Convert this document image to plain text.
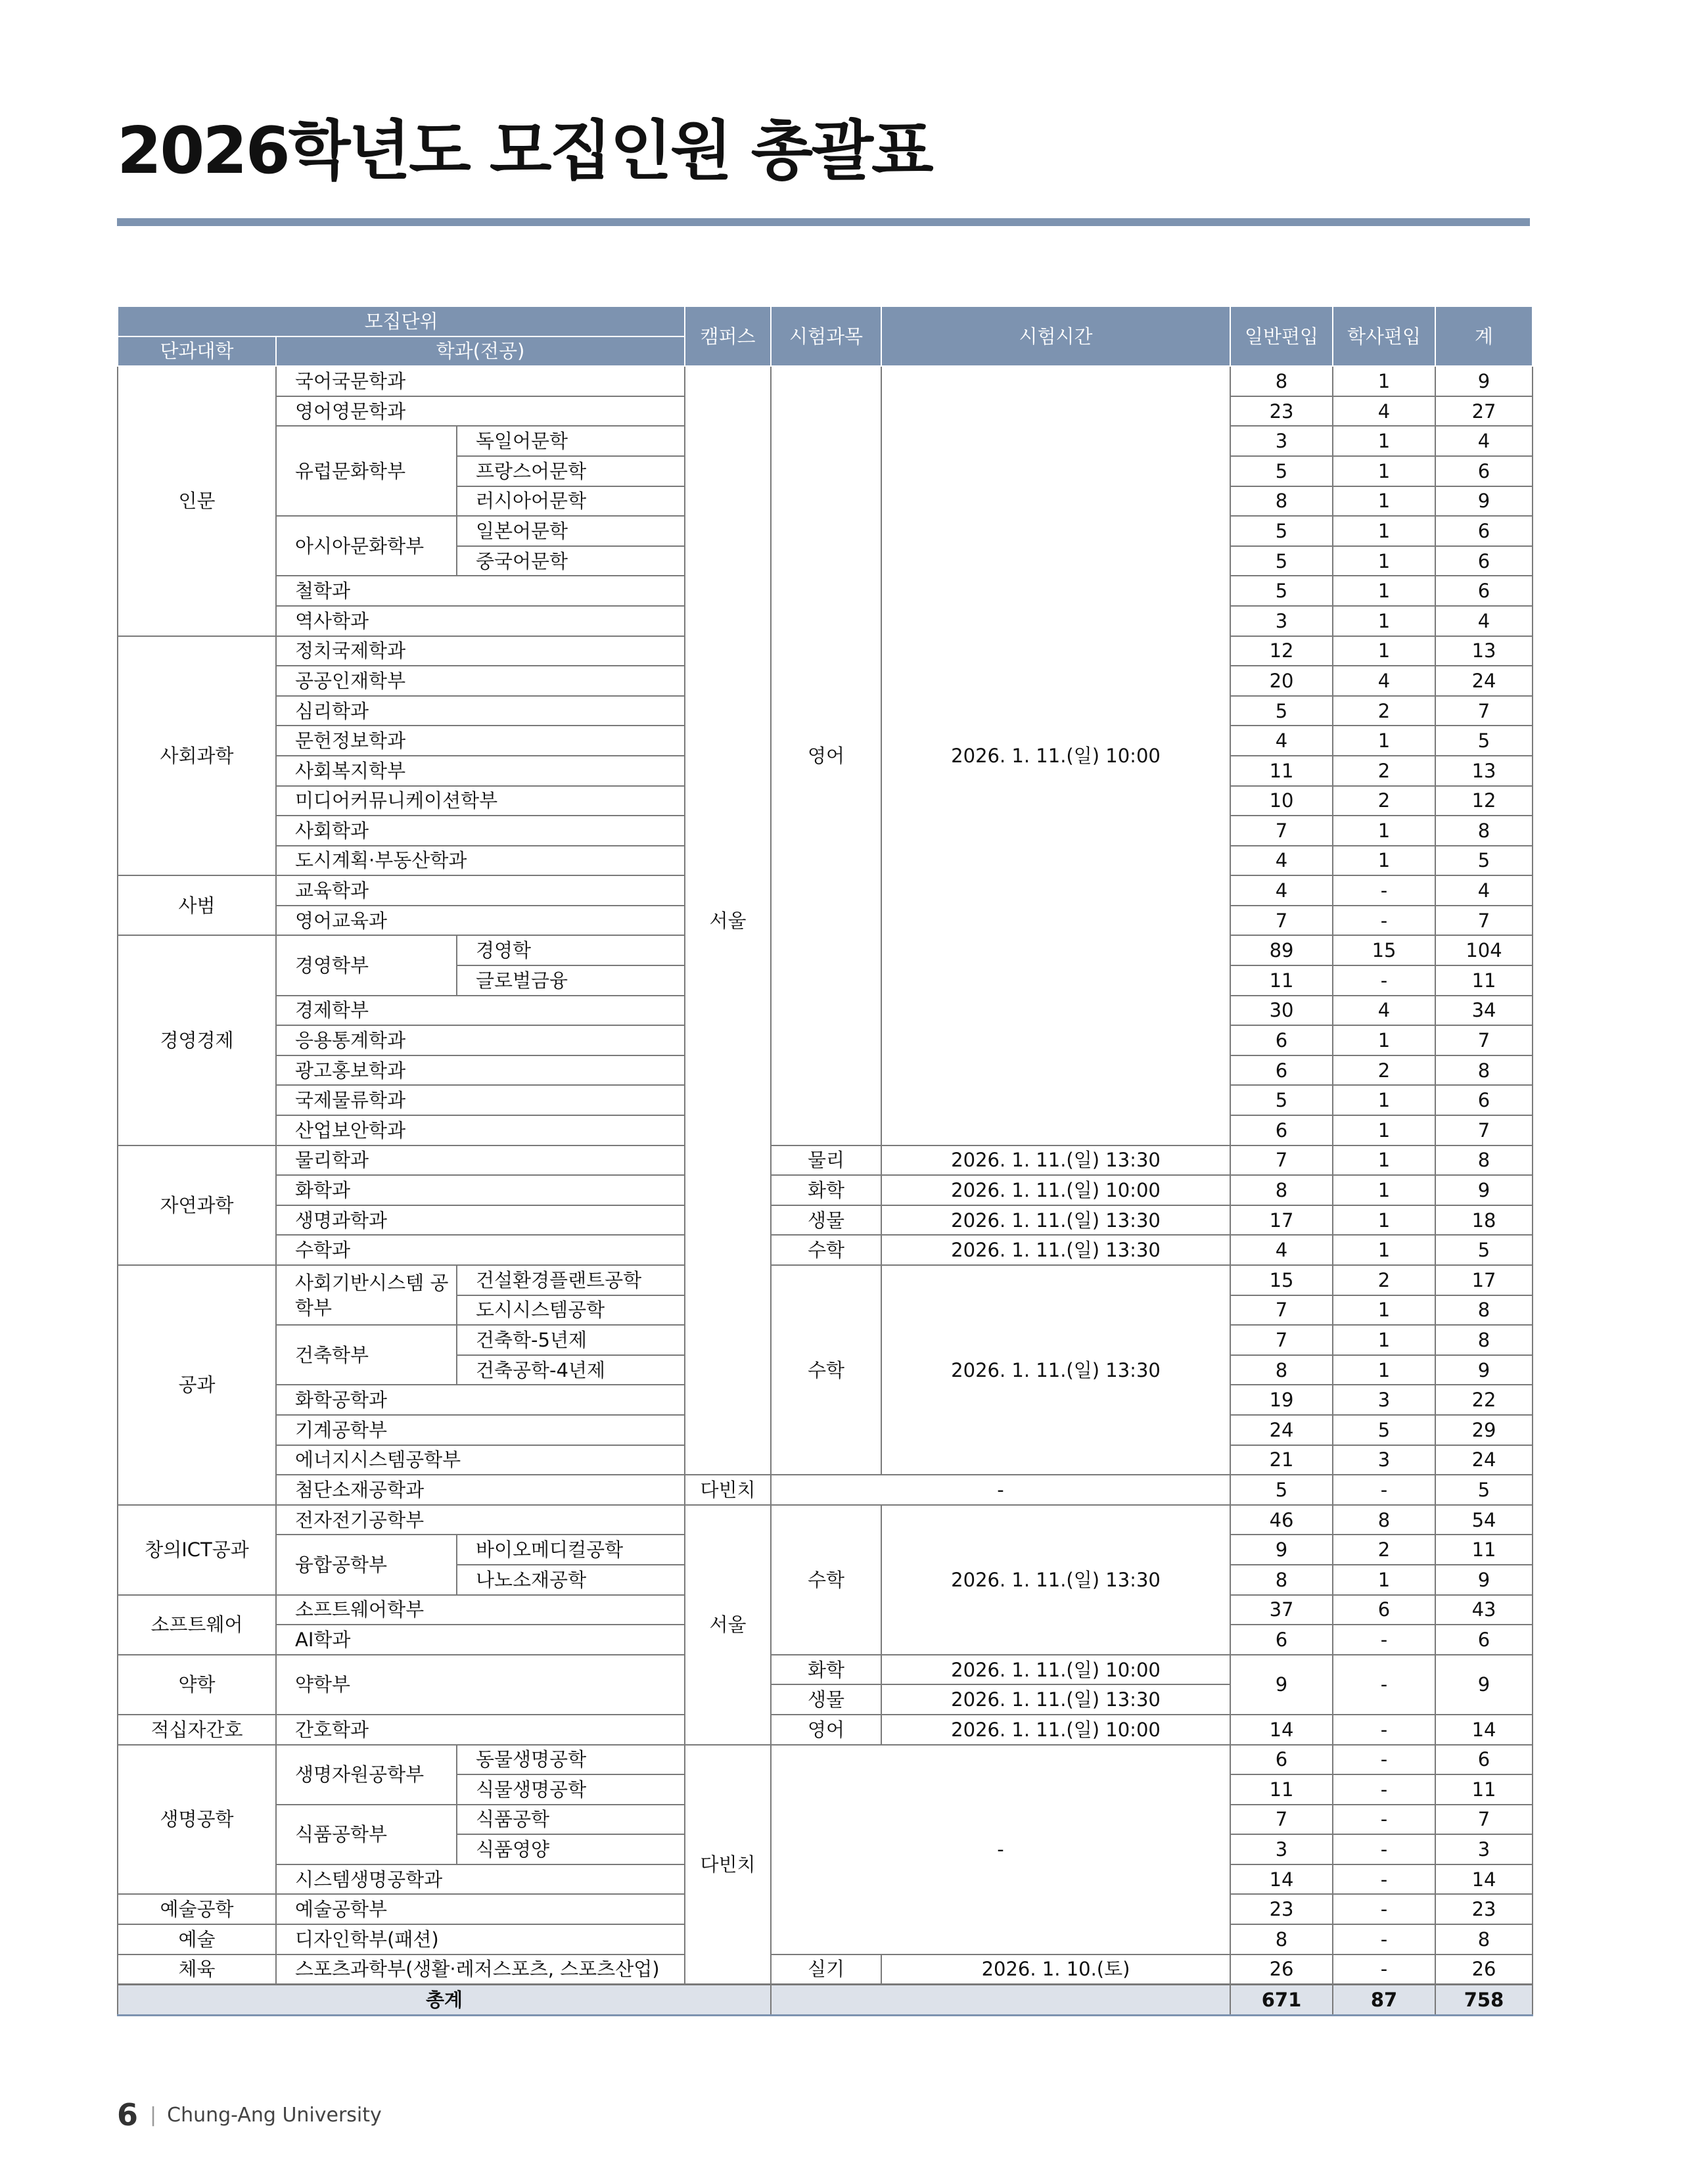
2026학년도 모집인원 총괄표
모집단위			캠퍼스	시험과목	시험시간	일반편입	학사편입	계
단과대학	학과(전공)							
인문	국어국문학과		서울	영어	2026. 1. 11.(일) 10:00	8	1	9
	영어영문학과					23	4	27
	유럽문화학부	독일어문학				3	1	4
		프랑스어문학				5	1	6
		러시아어문학				8	1	9
	아시아문화학부	일본어문학				5	1	6
		중국어문학				5	1	6
	철학과					5	1	6
	역사학과					3	1	4
사회과학	정치국제학과					12	1	13
	공공인재학부					20	4	24
	심리학과					5	2	7
	문헌정보학과					4	1	5
	사회복지학부					11	2	13
	미디어커뮤니케이션학부					10	2	12
	사회학과					7	1	8
	도시계획·부동산학과					4	1	5
사범	교육학과					4	-	4
	영어교육과					7	-	7
경영경제	경영학부	경영학				89	15	104
		글로벌금융				11	-	11
	경제학부					30	4	34
	응용통계학과					6	1	7
	광고홍보학과					6	2	8
	국제물류학과					5	1	6
	산업보안학과					6	1	7
자연과학	물리학과			물리	2026. 1. 11.(일) 13:30	7	1	8
	화학과			화학	2026. 1. 11.(일) 10:00	8	1	9
	생명과학과			생물	2026. 1. 11.(일) 13:30	17	1	18
	수학과			수학	2026. 1. 11.(일) 13:30	4	1	5
공과	사회기반시스템 공학부	건설환경플랜트공학		수학	2026. 1. 11.(일) 13:30	15	2	17
		도시시스템공학				7	1	8
	건축학부	건축학-5년제				7	1	8
		건축공학-4년제				8	1	9
	화학공학과					19	3	22
	기계공학부					24	5	29
	에너지시스템공학부					21	3	24
	첨단소재공학과		다빈치	-		5	-	5
창의ICT공과	전자전기공학부		서울	수학	2026. 1. 11.(일) 13:30	46	8	54
	융합공학부	바이오메디컬공학				9	2	11
		나노소재공학				8	1	9
소프트웨어	소프트웨어학부					37	6	43
	AI학과					6	-	6
약학	약학부			화학	2026. 1. 11.(일) 10:00	9	-	9
				생물	2026. 1. 11.(일) 13:30			
적십자간호	간호학과			영어	2026. 1. 11.(일) 10:00	14	-	14
생명공학	생명자원공학부	동물생명공학	다빈치	-		6	-	6
		식물생명공학				11	-	11
	식품공학부	식품공학				7	-	7
		식품영양				3	-	3
	시스템생명공학과					14	-	14
예술공학	예술공학부					23	-	23
예술	디자인학부(패션)					8	-	8
체육	스포츠과학부(생활·레저스포츠, 스포츠산업)			실기	2026. 1. 10.(토)	26	-	26
총계						671	87	758
6 | Chung-Ang University
